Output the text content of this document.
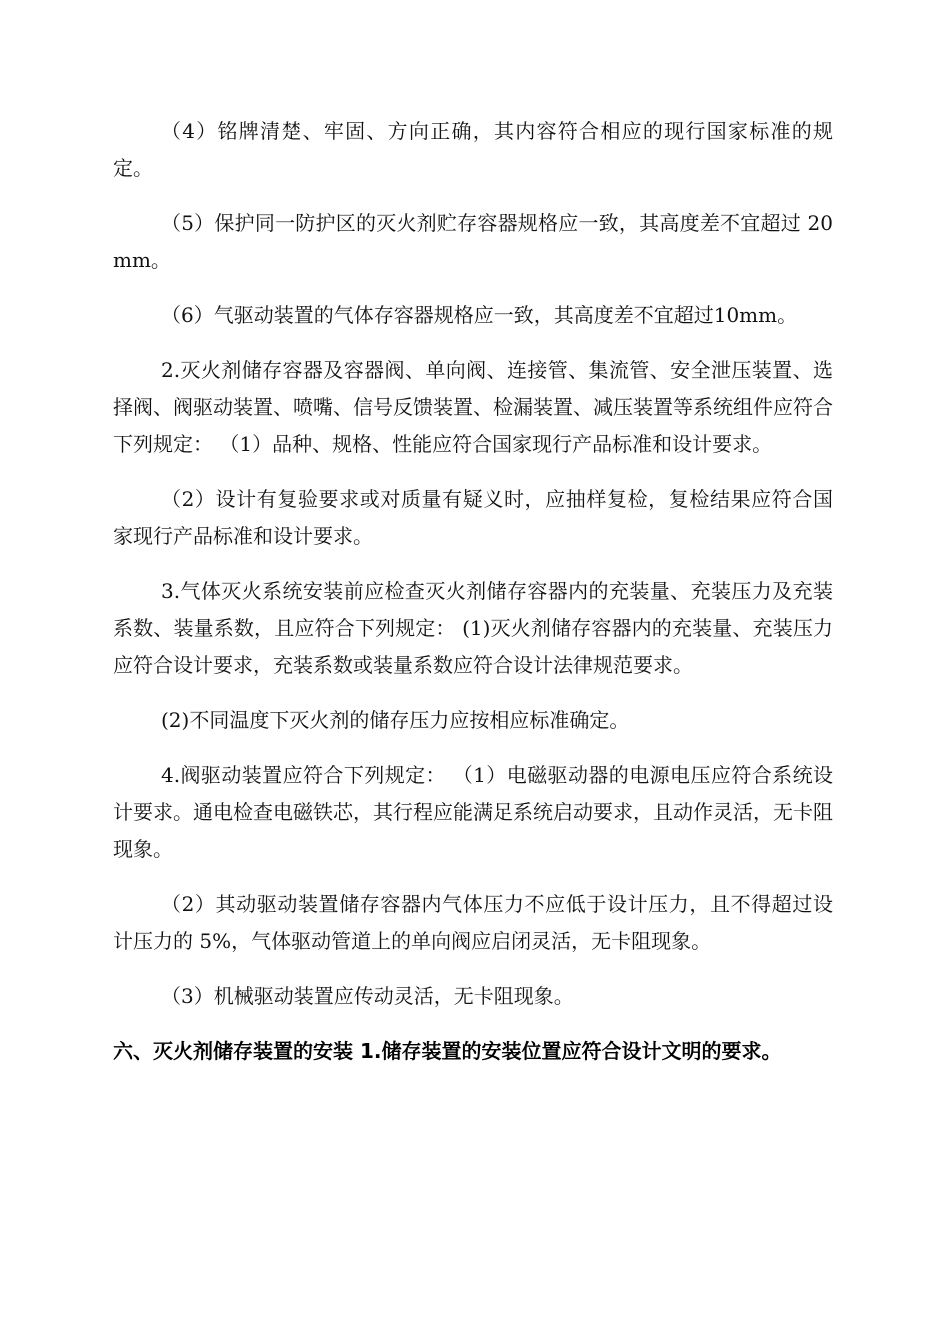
（4）铭牌清楚、牢固、方向正确，其内容符合相应的现行国家标准的规定。

（5）保护同一防护区的灭火剂贮存容器规格应一致，其高度差不宜超过 20mm。

（6）气驱动装置的气体存容器规格应一致，其高度差不宜超过10mm。

2.灭火剂储存容器及容器阀、单向阀、连接管、集流管、安全泄压装置、选择阀、阀驱动装置、喷嘴、信号反馈装置、检漏装置、减压装置等系统组件应符合下列规定： （1）品种、规格、性能应符合国家现行产品标准和设计要求。

（2）设计有复验要求或对质量有疑义时，应抽样复检，复检结果应符合国家现行产品标准和设计要求。

3.气体灭火系统安装前应检查灭火剂储存容器内的充装量、充装压力及充装系数、装量系数，且应符合下列规定： (1)灭火剂储存容器内的充装量、充装压力应符合设计要求，充装系数或装量系数应符合设计法律规范要求。

(2)不同温度下灭火剂的储存压力应按相应标准确定。

4.阀驱动装置应符合下列规定： （1）电磁驱动器的电源电压应符合系统设计要求。通电检查电磁铁芯，其行程应能满足系统启动要求，且动作灵活，无卡阻现象。

（2）其动驱动装置储存容器内气体压力不应低于设计压力，且不得超过设计压力的 5%，气体驱动管道上的单向阀应启闭灵活，无卡阻现象。

（3）机械驱动装置应传动灵活，无卡阻现象。

六、灭火剂储存装置的安装 1.储存装置的安装位置应符合设计文明的要求。
